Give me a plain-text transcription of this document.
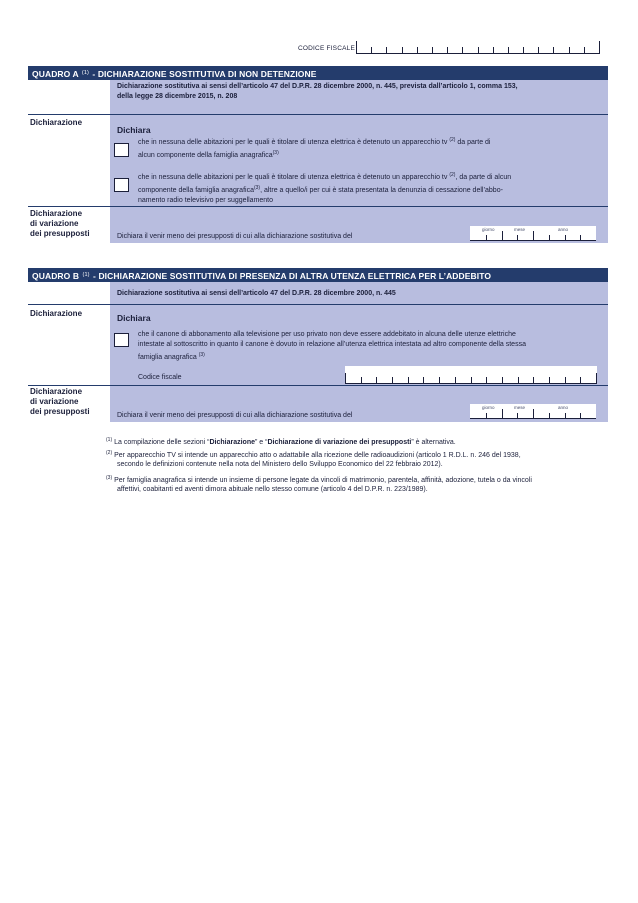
CODICE FISCALE
QUADRO A $^{(1)}$ - DICHIARAZIONE SOSTITUTIVA DI NON DETENZIONE
Dichiarazione sostitutiva ai sensi dell’articolo 47 del D.P.R. 28 dicembre 2000, n. 445, prevista dall’articolo 1, comma 153,
della legge 28 dicembre 2015, n. 208
Dichiarazione
Dichiara
che in nessuna delle abitazioni per le quali è titolare di utenza elettrica è detenuto un apparecchio tv $^{(2)}$ da parte di
alcun componente della famiglia anagrafica$^{(3)}$
che in nessuna delle abitazioni per le quali è titolare di utenza elettrica è detenuto un apparecchio tv $^{(2)}$, da parte di alcun
componente della famiglia anagrafica$^{(3)}$, altre a quello/i per cui è stata presentata la denunzia di cessazione dell’abbo-
namento radio televisivo per suggellamento
Dichiarazione
di variazione
dei presupposti	Dichiara il venir meno dei presupposti di cui alla dichiarazione sostitutiva del
giorno	mese	anno
QUADRO B $^{(1)}$ - DICHIARAZIONE SOSTITUTIVA DI PRESENZA DI ALTRA UTENZA ELETTRICA PER L’ADDEBITO
Dichiarazione sostitutiva ai sensi dell’articolo 47 del D.P.R. 28 dicembre 2000, n. 445
Dichiarazione	Dichiara
che il canone di abbonamento alla televisione per uso privato non deve essere addebitato in alcuna delle utenze elettriche
intestate al sottoscritto in quanto il canone è dovuto in relazione all’utenza elettrica intestata ad altro componente della stessa
famiglia anagrafica $^{(3)}$
Codice fiscale
Dichiarazione
di variazione
dei presupposti	Dichiara il venir meno dei presupposti di cui alla dichiarazione sostitutiva del
giorno	mese	anno
$^{(1)}$ La compilazione delle sezioni “Dichiarazione” e “Dichiarazione di variazione dei presupposti” è alternativa.
$^{(2)}$ Per apparecchio TV si intende un apparecchio atto o adattabile alla ricezione delle radioaudizioni (articolo 1 R.D.L. n. 246 del 1938,
secondo le definizioni contenute nella nota del Ministero dello Sviluppo Economico del 22 febbraio 2012).
$^{(3)}$ Per famiglia anagrafica si intende un insieme di persone legate da vincoli di matrimonio, parentela, affinità, adozione, tutela o da vincoli
affettivi, coabitanti ed aventi dimora abituale nello stesso comune (articolo 4 del D.P.R. n. 223/1989).
